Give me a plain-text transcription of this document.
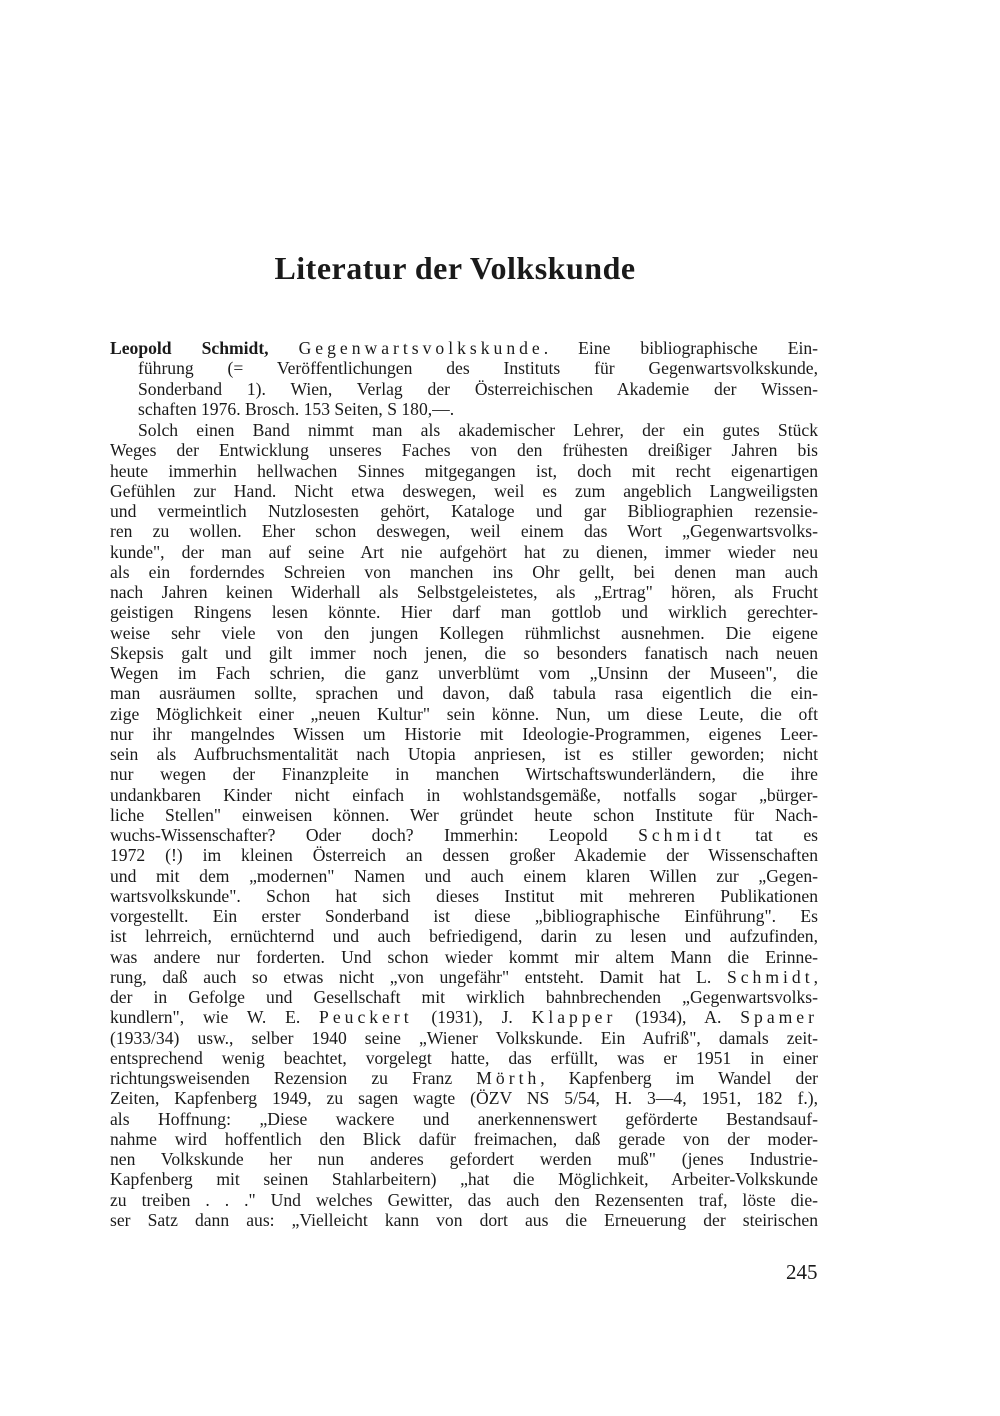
Literatur der Volkskunde
Leopold Schmidt, Gegenwartsvolkskunde. Eine bibliographische Ein-
führung (= Veröffentlichungen des Instituts für Gegenwartsvolkskunde,
Sonderband 1). Wien, Verlag der Österreichischen Akademie der Wissen-
schaften 1976. Brosch. 153 Seiten, S 180,—.
Solch einen Band nimmt man als akademischer Lehrer, der ein gutes Stück
Weges der Entwicklung unseres Faches von den frühesten dreißiger Jahren bis
heute immerhin hellwachen Sinnes mitgegangen ist, doch mit recht eigenartigen
Gefühlen zur Hand. Nicht etwa deswegen, weil es zum angeblich Langweiligsten
und vermeintlich Nutzlosesten gehört, Kataloge und gar Bibliographien rezensie-
ren zu wollen. Eher schon deswegen, weil einem das Wort „Gegenwartsvolks-
kunde", der man auf seine Art nie aufgehört hat zu dienen, immer wieder neu
als ein forderndes Schreien von manchen ins Ohr gellt, bei denen man auch
nach Jahren keinen Widerhall als Selbstgeleistetes, als „Ertrag" hören, als Frucht
geistigen Ringens lesen könnte. Hier darf man gottlob und wirklich gerechter-
weise sehr viele von den jungen Kollegen rühmlichst ausnehmen. Die eigene
Skepsis galt und gilt immer noch jenen, die so besonders fanatisch nach neuen
Wegen im Fach schrien, die ganz unverblümt vom „Unsinn der Museen", die
man ausräumen sollte, sprachen und davon, daß tabula rasa eigentlich die ein-
zige Möglichkeit einer „neuen Kultur" sein könne. Nun, um diese Leute, die oft
nur ihr mangelndes Wissen um Historie mit Ideologie-Programmen, eigenes Leer-
sein als Aufbruchsmentalität nach Utopia anpriesen, ist es stiller geworden; nicht
nur wegen der Finanzpleite in manchen Wirtschaftswunderländern, die ihre
undankbaren Kinder nicht einfach in wohlstandsgemäße, notfalls sogar „bürger-
liche Stellen" einweisen können. Wer gründet heute schon Institute für Nach-
wuchs-Wissenschafter? Oder doch? Immerhin: Leopold Schmidt tat es
1972 (!) im kleinen Österreich an dessen großer Akademie der Wissenschaften
und mit dem „modernen" Namen und auch einem klaren Willen zur „Gegen-
wartsvolkskunde". Schon hat sich dieses Institut mit mehreren Publikationen
vorgestellt. Ein erster Sonderband ist diese „bibliographische Einführung". Es
ist lehrreich, ernüchternd und auch befriedigend, darin zu lesen und aufzufinden,
was andere nur forderten. Und schon wieder kommt mir altem Mann die Erinne-
rung, daß auch so etwas nicht „von ungefähr" entsteht. Damit hat L. Schmidt,
der in Gefolge und Gesellschaft mit wirklich bahnbrechenden „Gegenwartsvolks-
kundlern", wie W. E. Peuckert (1931), J. Klapper (1934), A. Spamer
(1933/34) usw., selber 1940 seine „Wiener Volkskunde. Ein Aufriß", damals zeit-
entsprechend wenig beachtet, vorgelegt hatte, das erfüllt, was er 1951 in einer
richtungsweisenden Rezension zu Franz Mörth, Kapfenberg im Wandel der
Zeiten, Kapfenberg 1949, zu sagen wagte (ÖZV NS 5/54, H. 3—4, 1951, 182 f.),
als Hoffnung: „Diese wackere und anerkennenswert geförderte Bestandsauf-
nahme wird hoffentlich den Blick dafür freimachen, daß gerade von der moder-
nen Volkskunde her nun anderes gefordert werden muß" (jenes Industrie-
Kapfenberg mit seinen Stahlarbeitern) „hat die Möglichkeit, Arbeiter-Volkskunde
zu treiben . . ." Und welches Gewitter, das auch den Rezensenten traf, löste die-
ser Satz dann aus: „Vielleicht kann von dort aus die Erneuerung der steirischen
245
